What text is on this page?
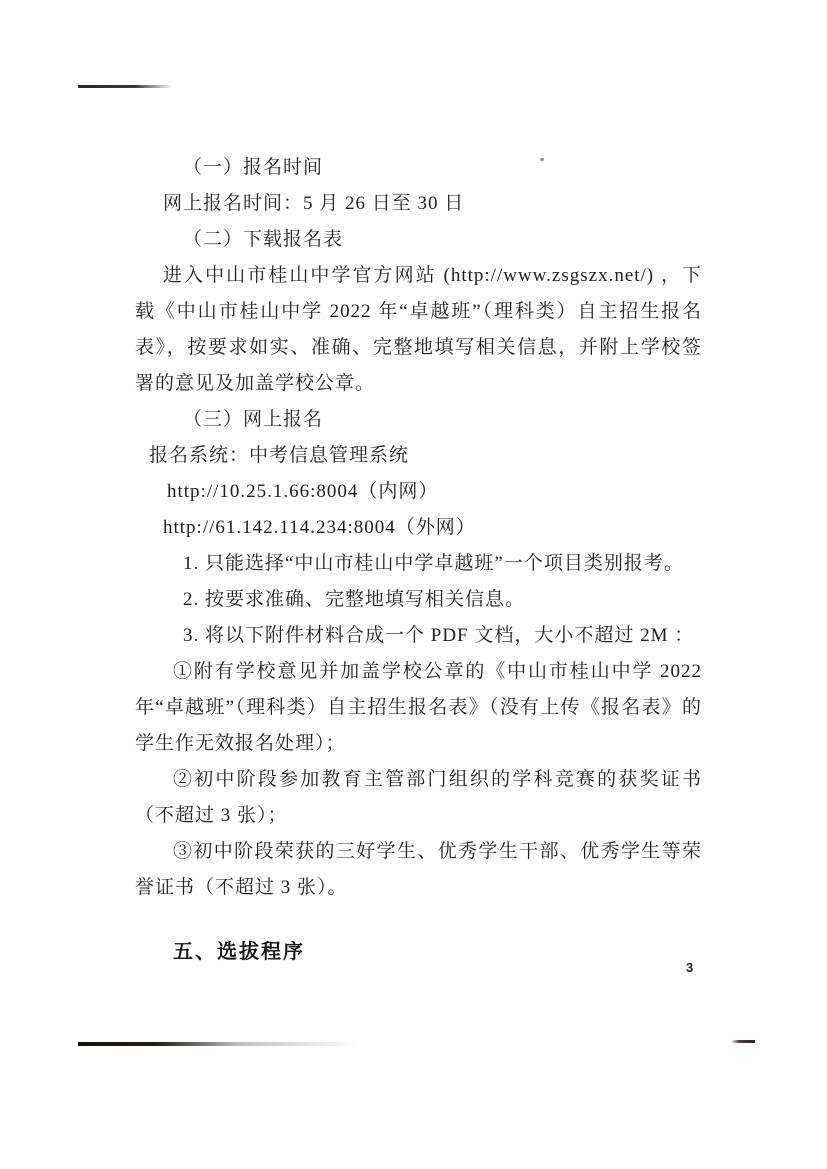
（一）报名时间

网上报名时间：5 月 26 日至 30 日

（二）下载报名表

进入中山市桂山中学官方网站 (http://www.zsgszx.net/) ，下载《中山市桂山中学 2022 年“卓越班”（理科类）自主招生报名表》，按要求如实、准确、完整地填写相关信息，并附上学校签署的意见及加盖学校公章。

（三）网上报名

报名系统：中考信息管理系统

http://10.25.1.66:8004（内网）

http://61.142.114.234:8004（外网）

1. 只能选择“中山市桂山中学卓越班”一个项目类别报考。

2. 按要求准确、完整地填写相关信息。

3. 将以下附件材料合成一个 PDF 文档，大小不超过 2M ：

①附有学校意见并加盖学校公章的《中山市桂山中学 2022 年“卓越班”（理科类）自主招生报名表》（没有上传《报名表》的学生作无效报名处理）；

②初中阶段参加教育主管部门组织的学科竞赛的获奖证书（不超过 3 张）；

③初中阶段荣获的三好学生、优秀学生干部、优秀学生等荣誉证书（不超过 3 张）。

五、选拔程序

3
